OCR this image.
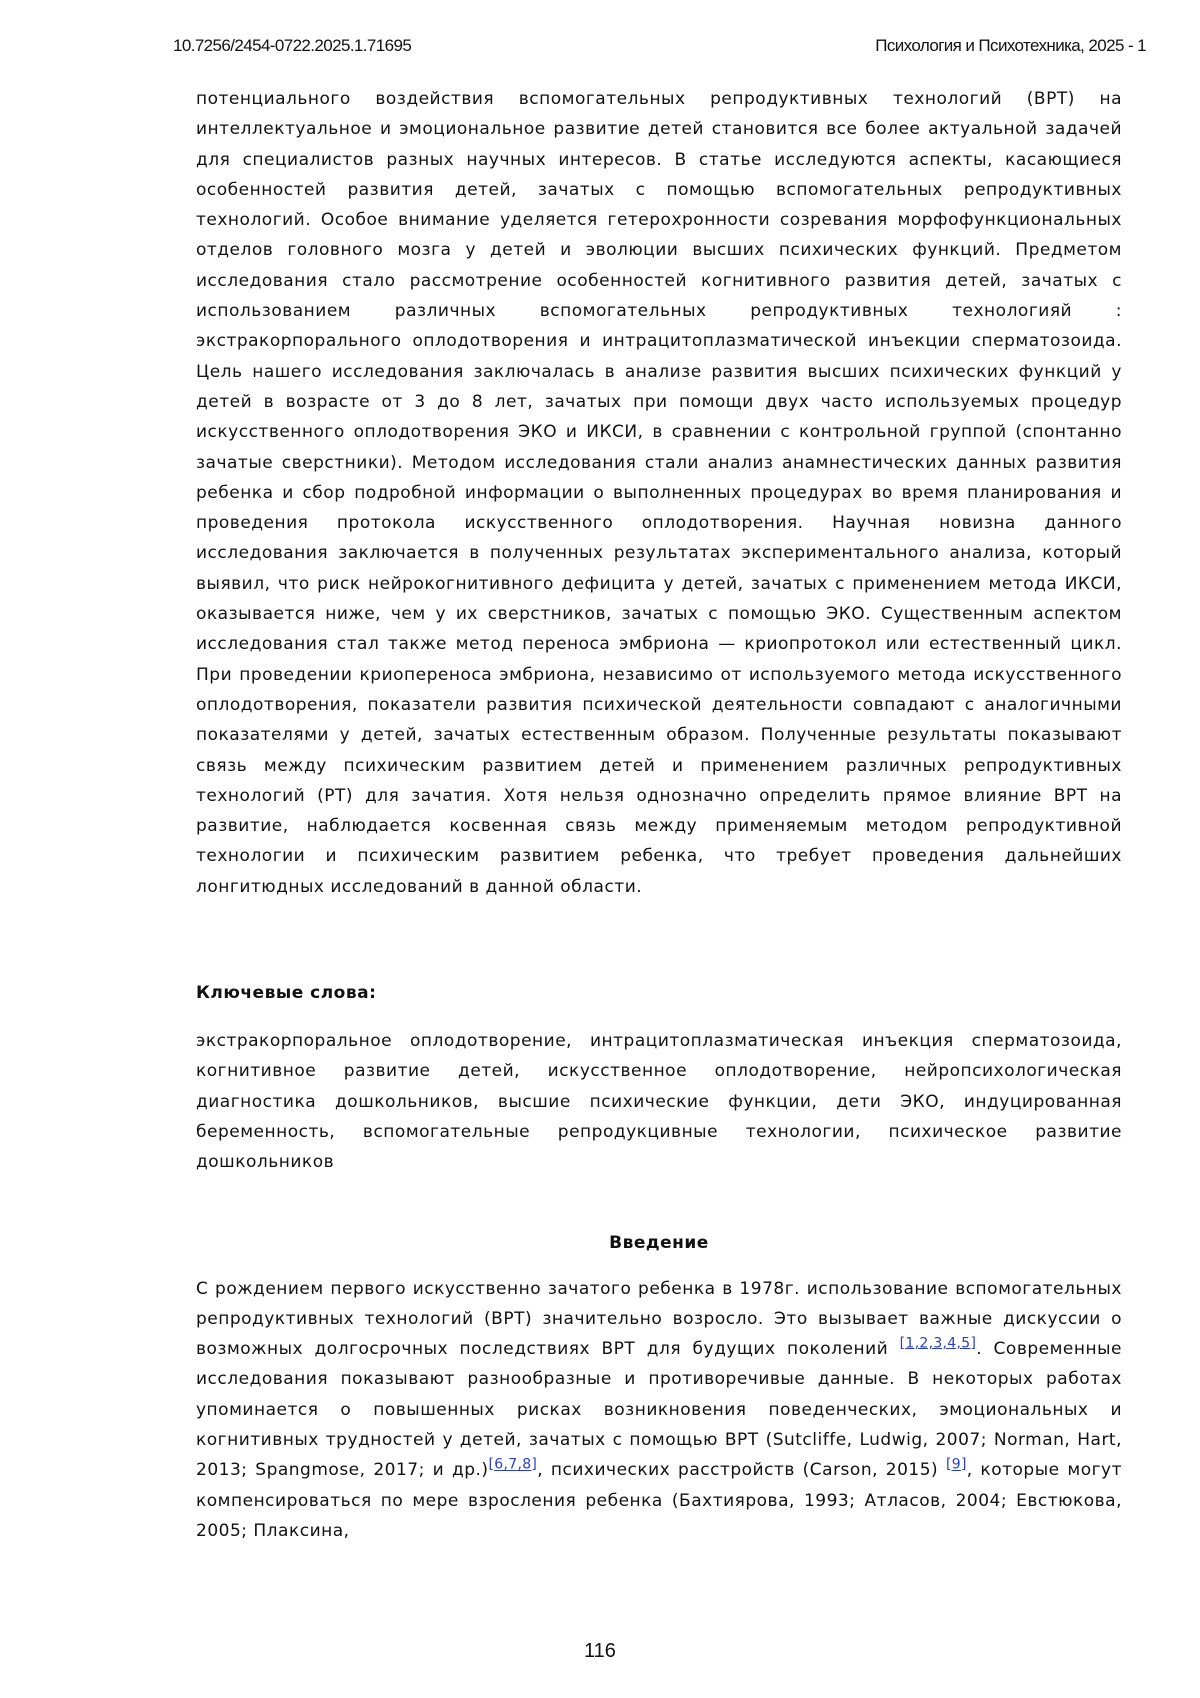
10.7256/2454-0722.2025.1.71695	Психология и Психотехника, 2025 - 1

потенциального воздействия вспомогательных репродуктивных технологий (ВРТ) на интеллектуальное и эмоциональное развитие детей становится все более актуальной задачей для специалистов разных научных интересов. В статье исследуются аспекты, касающиеся особенностей развития детей, зачатых с помощью вспомогательных репродуктивных технологий. Особое внимание уделяется гетерохронности созревания морфофункциональных отделов головного мозга у детей и эволюции высших психических функций. Предметом исследования стало рассмотрение особенностей когнитивного развития детей, зачатых с использованием различных вспомогательных репродуктивных технологияй : экстракорпорального оплодотворения и интрацитоплазматической инъекции сперматозоида. Цель нашего исследования заключалась в анализе развития высших психических функций у детей в возрасте от 3 до 8 лет, зачатых при помощи двух часто используемых процедур искусственного оплодотворения ЭКО и ИКСИ, в сравнении с контрольной группой (спонтанно зачатые сверстники). Методом исследования стали анализ анамнестических данных развития ребенка и сбор подробной информации о выполненных процедурах во время планирования и проведения протокола искусственного оплодотворения. Научная новизна данного исследования заключается в полученных результатах экспериментального анализа, который выявил, что риск нейрокогнитивного дефицита у детей, зачатых с применением метода ИКСИ, оказывается ниже, чем у их сверстников, зачатых с помощью ЭКО. Существенным аспектом исследования стал также метод переноса эмбриона — криопротокол или естественный цикл. При проведении криопереноса эмбриона, независимо от используемого метода искусственного оплодотворения, показатели развития психической деятельности совпадают с аналогичными показателями у детей, зачатых естественным образом. Полученные результаты показывают связь между психическим развитием детей и применением различных репродуктивных технологий (РТ) для зачатия. Хотя нельзя однозначно определить прямое влияние ВРТ на развитие, наблюдается косвенная связь между применяемым методом репродуктивной технологии и психическим развитием ребенка, что требует проведения дальнейших лонгитюдных исследований в данной области.

Ключевые слова:

экстракорпоральное оплодотворение, интрацитоплазматическая инъекция сперматозоида, когнитивное развитие детей, искусственное оплодотворение, нейропсихологическая диагностика дошкольников, высшие психические функции, дети ЭКО, индуцированная беременность, вспомогательные репродукцивные технологии, психическое развитие дошкольников

Введение

С рождением первого искусственно зачатого ребенка в 1978г. использование вспомогательных репродуктивных технологий (ВРТ) значительно возросло. Это вызывает важные дискуссии о возможных долгосрочных последствиях ВРТ для будущих поколений [1,2,3,4,5]. Современные исследования показывают разнообразные и противоречивые данные. В некоторых работах упоминается о повышенных рисках возникновения поведенческих, эмоциональных и когнитивных трудностей у детей, зачатых с помощью ВРТ (Sutcliffe, Ludwig, 2007; Norman, Hart, 2013; Spangmose, 2017; и др.)[6,7,8], психических расстройств (Carson, 2015) [9], которые могут компенсироваться по мере взросления ребенка (Бахтиярова, 1993; Атласов, 2004; Евстюкова, 2005; Плаксина,

116
